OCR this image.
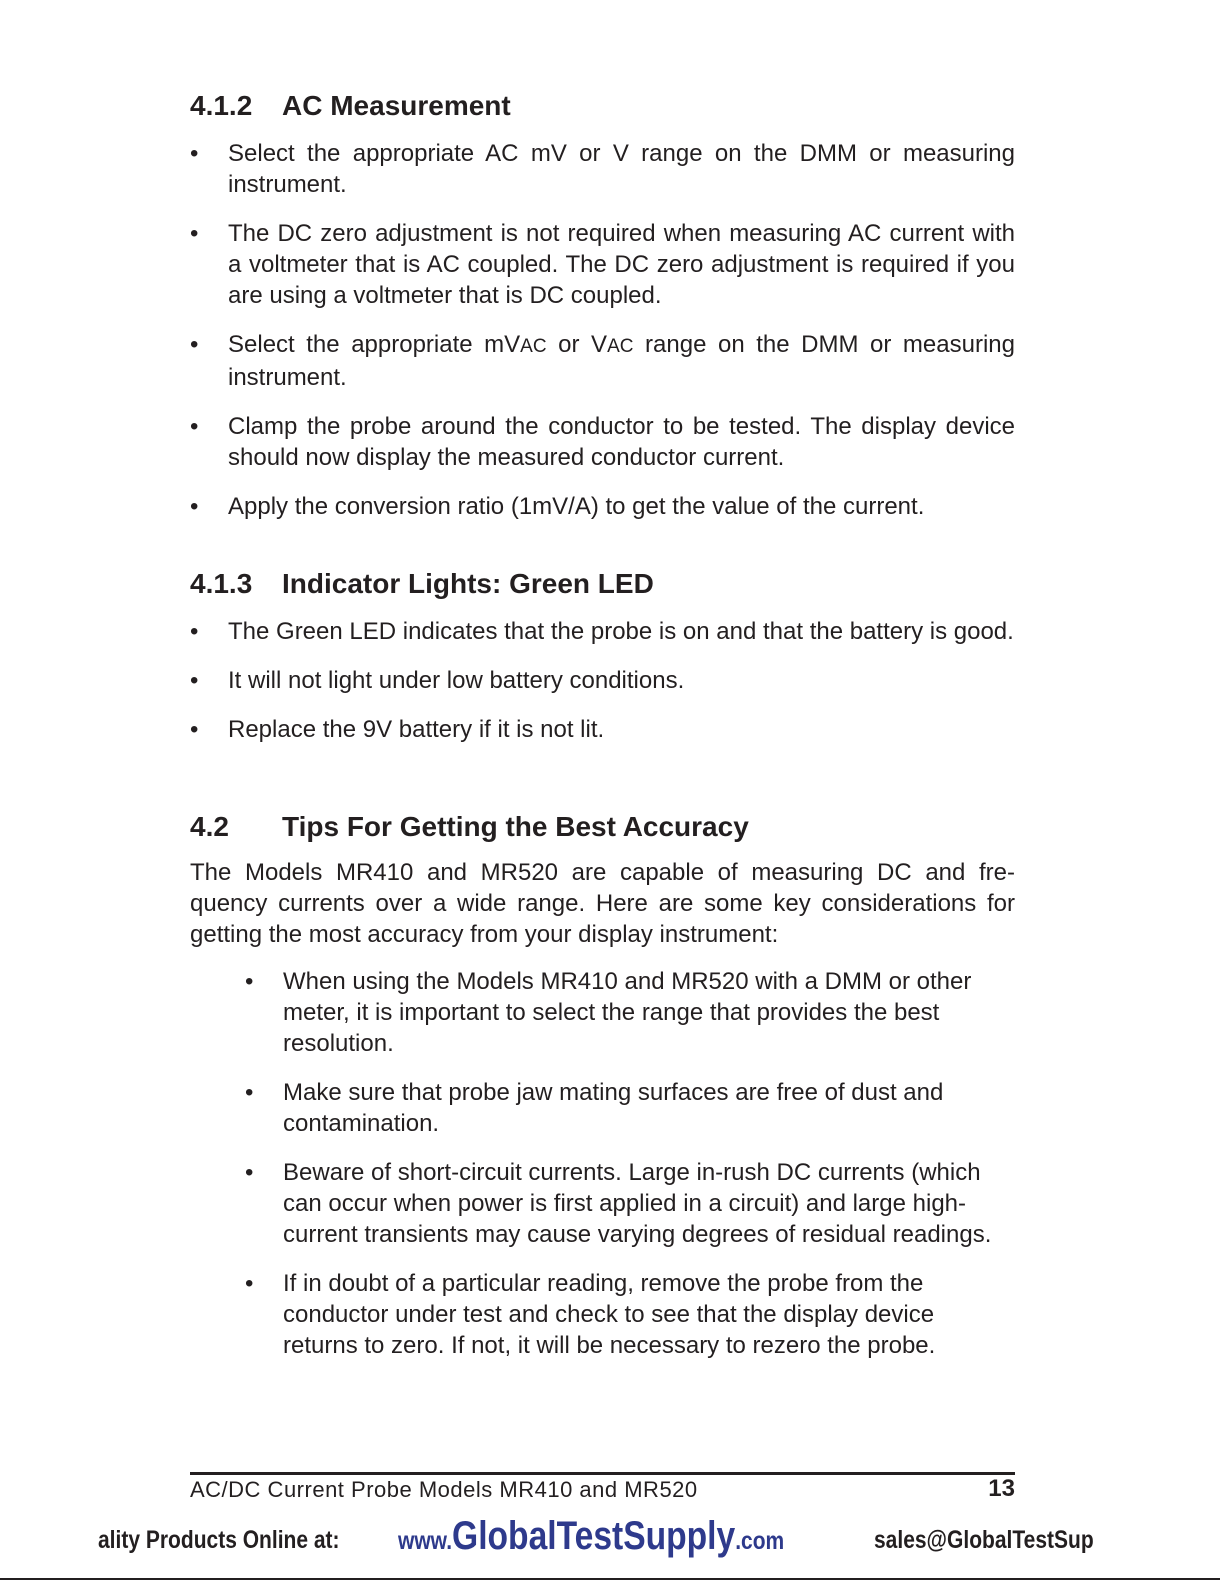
4.1.2	AC Measurement
•	Select the appropriate AC mV or V range on the DMM or measuring instrument.
•	The DC zero adjustment is not required when measuring AC current with a voltmeter that is AC coupled. The DC zero adjustment is required if you are using a voltmeter that is DC coupled.
•	Select the appropriate mVAC or VAC range on the DMM or measuring instrument.
•	Clamp the probe around the conductor to be tested. The display device should now display the measured conductor current.
•	Apply the conversion ratio (1mV/A) to get the value of the current.
4.1.3	Indicator Lights: Green LED
•	The Green LED indicates that the probe is on and that the battery is good.
•	It will not light under low battery conditions.
•	Replace the 9V battery if it is not lit.
4.2	Tips For Getting the Best Accuracy

The Models MR410 and MR520 are capable of measuring DC and fre-quency currents over a wide range. Here are some key considerations for getting the most accuracy from your display instrument:

•	When using the Models MR410 and MR520 with a DMM or other meter, it is important to select the range that provides the best resolution.
•	Make sure that probe jaw mating surfaces are free of dust and contamination.
•	Beware of short-circuit currents. Large in-rush DC currents (which can occur when power is first applied in a circuit) and large high-current transients may cause varying degrees of residual readings.
•	If in doubt of a particular reading, remove the probe from the conductor under test and check to see that the display device returns to zero. If not, it will be necessary to rezero the probe.
AC/DC Current Probe Models MR410 and MR520	13
ality Products Online at: www.GlobalTestSupply.com	sales@GlobalTestSup
